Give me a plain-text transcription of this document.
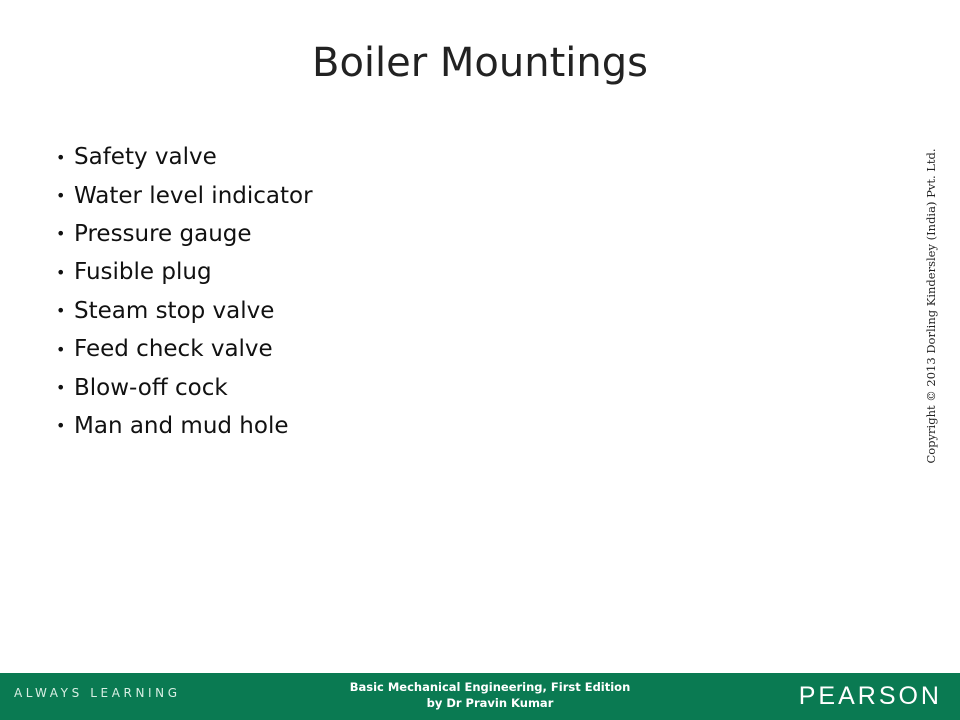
Boiler Mountings
• Safety valve
• Water level indicator
• Pressure gauge
• Fusible plug
• Steam stop valve
• Feed check valve
• Blow-off cock
• Man and mud hole	Copyright © 2013 Dorling Kindersley (India) Pvt. Ltd.
ALWAYS LEARNING	Basic Mechanical Engineering, First Edition
by Dr Pravin Kumar	PEARSON
